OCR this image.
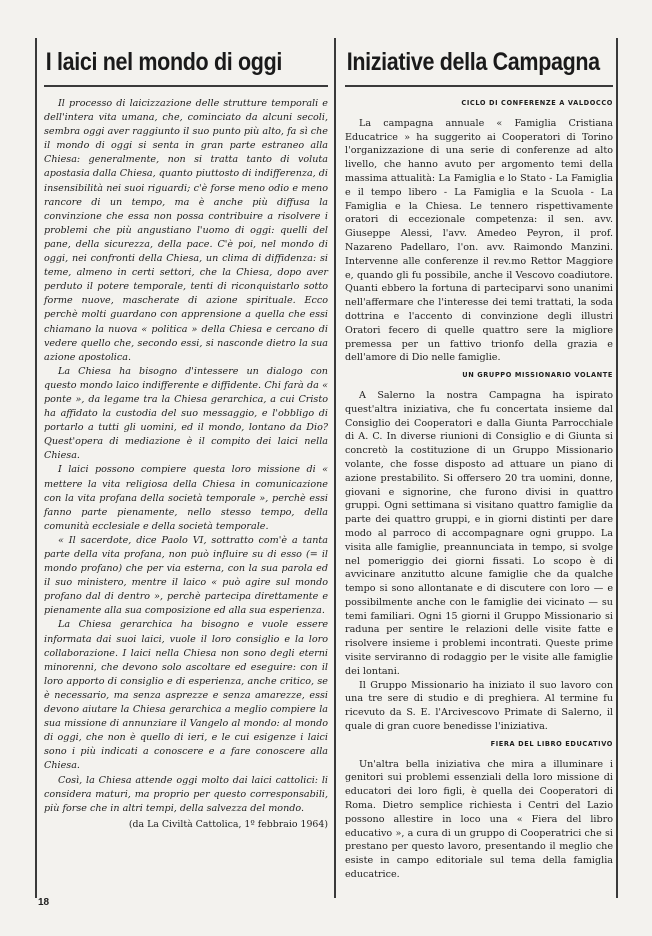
I laici nel mondo di oggi

Il processo di laicizzazione delle strutture temporali e dell'intera vita umana, che, cominciato da alcuni secoli, sembra oggi aver raggiunto il suo punto più alto, fa sì che il mondo di oggi si senta in gran parte estraneo alla Chiesa: generalmente, non si tratta tanto di voluta apostasia dalla Chiesa, quanto piuttosto di indifferenza, di insensibilità nei suoi riguardi; c'è forse meno odio e meno rancore di un tempo, ma è anche più diffusa la convinzione che essa non possa contribuire a risolvere i problemi che più angustiano l'uomo di oggi: quelli del pane, della sicurezza, della pace. C'è poi, nel mondo di oggi, nei confronti della Chiesa, un clima di diffidenza: si teme, almeno in certi settori, che la Chiesa, dopo aver perduto il potere temporale, tenti di riconquistarlo sotto forme nuove, mascherate di azione spirituale. Ecco perchè molti guardano con apprensione a quella che essi chiamano la nuova « politica » della Chiesa e cercano di vedere quello che, secondo essi, si nasconde dietro la sua azione apostolica.

La Chiesa ha bisogno d'intessere un dialogo con questo mondo laico indifferente e diffidente. Chi farà da « ponte », da legame tra la Chiesa gerarchica, a cui Cristo ha affidato la custodia del suo messaggio, e l'obbligo di portarlo a tutti gli uomini, ed il mondo, lontano da Dio? Quest'opera di mediazione è il compito dei laici nella Chiesa.

I laici possono compiere questa loro missione di « mettere la vita religiosa della Chiesa in comunicazione con la vita profana della società temporale », perchè essi fanno parte pienamente, nello stesso tempo, della comunità ecclesiale e della società temporale.

« Il sacerdote, dice Paolo VI, sottratto com'è a tanta parte della vita profana, non può influire su di esso (= il mondo profano) che per via esterna, con la sua parola ed il suo ministero, mentre il laico « può agire sul mondo profano dal di dentro », perchè partecipa direttamente e pienamente alla sua composizione ed alla sua esperienza.

La Chiesa gerarchica ha bisogno e vuole essere informata dai suoi laici, vuole il loro consiglio e la loro collaborazione. I laici nella Chiesa non sono degli eterni minorenni, che devono solo ascoltare ed eseguire: con il loro apporto di consiglio e di esperienza, anche critico, se è necessario, ma senza asprezze e senza amarezze, essi devono aiutare la Chiesa gerarchica a meglio compiere la sua missione di annunziare il Vangelo al mondo: al mondo di oggi, che non è quello di ieri, e le cui esigenze i laici sono i più indicati a conoscere e a fare conoscere alla Chiesa.

Così, la Chiesa attende oggi molto dai laici cattolici: li considera maturi, ma proprio per questo corresponsabili, più forse che in altri tempi, della salvezza del mondo.

(da La Civiltà Cattolica, 1º febbraio 1964)
Iniziative della Campagna
CICLO DI CONFERENZE A VALDOCCO

La campagna annuale « Famiglia Cristiana Educatrice » ha suggerito ai Cooperatori di Torino l'organizzazione di una serie di conferenze ad alto livello, che hanno avuto per argomento temi della massima attualità: La Famiglia e lo Stato - La Famiglia e il tempo libero - La Famiglia e la Scuola - La Famiglia e la Chiesa. Le tennero rispettivamente oratori di eccezionale competenza: il sen. avv. Giuseppe Alessi, l'avv. Amedeo Peyron, il prof. Nazareno Padellaro, l'on. avv. Raimondo Manzini. Intervenne alle conferenze il rev.mo Rettor Maggiore e, quando gli fu possibile, anche il Vescovo coadiutore. Quanti ebbero la fortuna di parteciparvi sono unanimi nell'affermare che l'interesse dei temi trattati, la soda dottrina e l'accento di convinzione degli illustri Oratori fecero di quelle quattro sere la migliore premessa per un fattivo trionfo della grazia e dell'amore di Dio nelle famiglie.

UN GRUPPO MISSIONARIO VOLANTE

A Salerno la nostra Campagna ha ispirato quest'altra iniziativa, che fu concertata insieme dal Consiglio dei Cooperatori e dalla Giunta Parrocchiale di A. C. In diverse riunioni di Consiglio e di Giunta si concretò la costituzione di un Gruppo Missionario volante, che fosse disposto ad attuare un piano di azione prestabilito. Si offersero 20 tra uomini, donne, giovani e signorine, che furono divisi in quattro gruppi. Ogni settimana si visitano quattro famiglie da parte dei quattro gruppi, e in giorni distinti per dare modo al parroco di accompagnare ogni gruppo. La visita alle famiglie, preannunciata in tempo, si svolge nel pomeriggio dei giorni fissati. Lo scopo è di avvicinare anzitutto alcune famiglie che da qualche tempo si sono allontanate e di discutere con loro — e possibilmente anche con le famiglie dei vicinato — su temi familiari. Ogni 15 giorni il Gruppo Missionario si raduna per sentire le relazioni delle visite fatte e risolvere insieme i problemi incontrati. Queste prime visite serviranno di rodaggio per le visite alle famiglie dei lontani.

Il Gruppo Missionario ha iniziato il suo lavoro con una tre sere di studio e di preghiera. Al termine fu ricevuto da S. E. l'Arcivescovo Primate di Salerno, il quale di gran cuore benedisse l'iniziativa.

FIERA DEL LIBRO EDUCATIVO

Un'altra bella iniziativa che mira a illuminare i genitori sui problemi essenziali della loro missione di educatori dei loro figli, è quella dei Cooperatori di Roma. Dietro semplice richiesta i Centri del Lazio possono allestire in loco una « Fiera del libro educativo », a cura di un gruppo di Cooperatrici che si prestano per questo lavoro, presentando il meglio che esiste in campo editoriale sul tema della famiglia educatrice.

18
